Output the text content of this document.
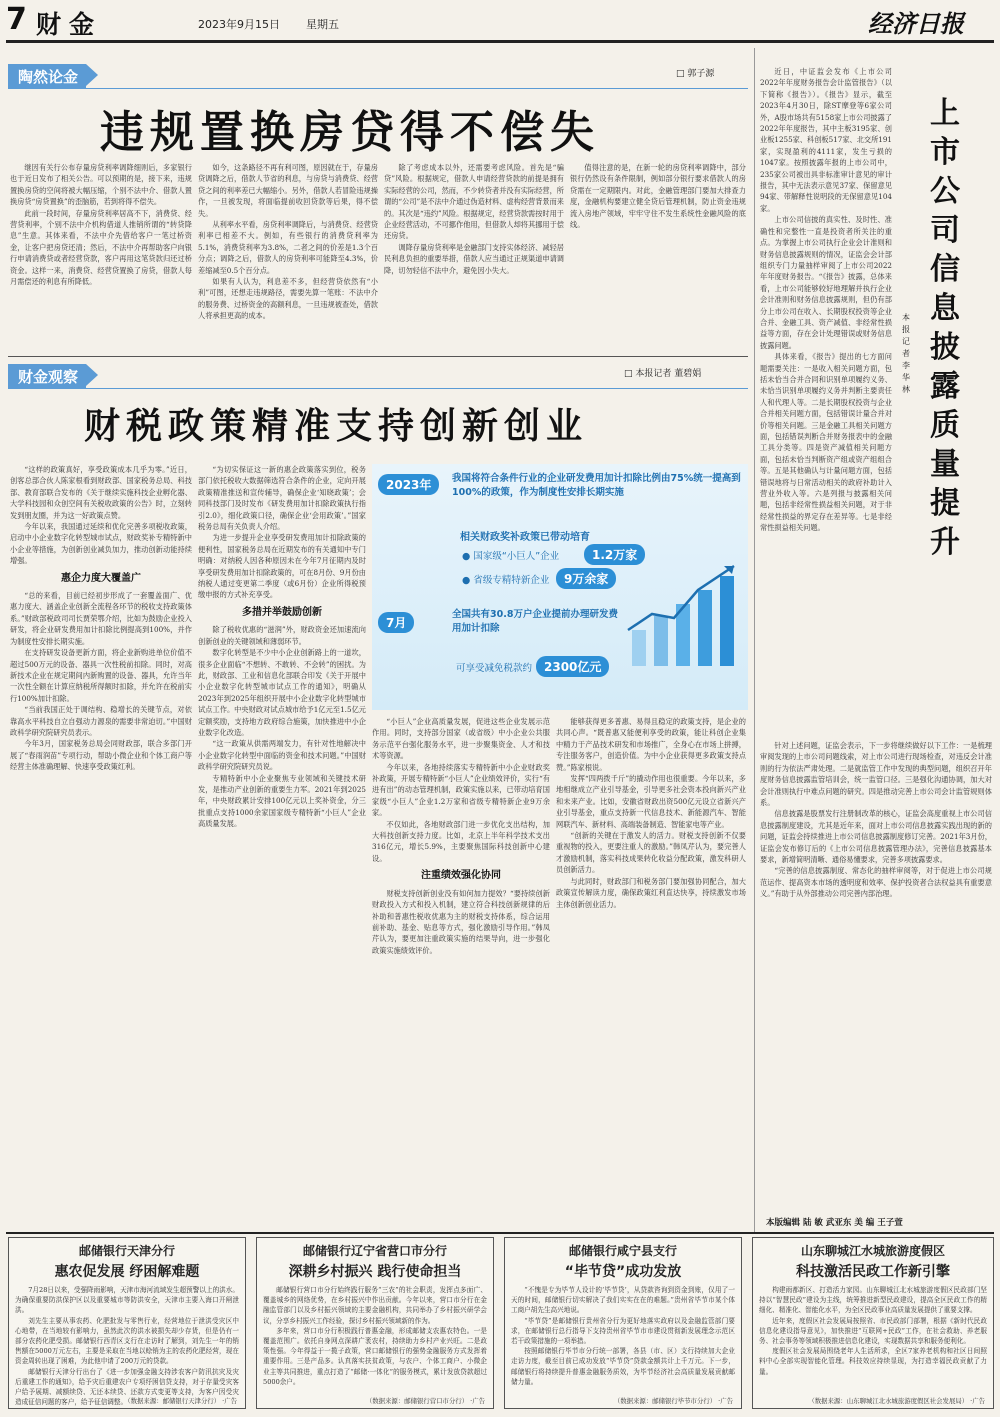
7 财金	2023年9月15日 星期五	经济日报
陶然论金	□ 郭子源
违规置换房贷得不偿失

继因有关行公布存量房贷利率调降细则后，多家银行也于近日发布了相关公告。可以预期的是，接下来，违规置换房贷的空间将被大幅压缩，个别不法中介、借款人置换房贷“房贷置换”的歪脑筋，若到将得不偿失。

此前一段时间，存量房贷利率居高不下，消费贷、经营贷利率，个别不法中介机构借道人推销所谓的“转贷降息”生意。其体来看，不法中介先借给客户一笔过桥资金，让客户把房贷还清；然后，不法中介再帮助客户向银行申请消费贷或者经营贷款，客户再用这笔贷款归还过桥资金。这样一来，消费贷、经营贷置换了房贷，借款人每月需偿还的利息有所降低。

如今，这条路径不再有利可图，原因就在于，存量房贷调降之后，借款人节省的利息，与房贷与消费贷、经营贷之间的利率差已大幅缩小。另外，借款人若冒险违规操作，一旦被发现，将面临提前收回贷款等后果，得不偿失。

从利率水平看，房贷利率调降后，与消费贷、经营贷利率已相差不大。例如，有些银行的消费贷利率为5.1%，消费贷利率为3.8%，二者之间的价差是1.3个百分点；调降之后，借款人的房贷利率可能降至4.3%，价差缩减至0.5个百分点。

如果有人认为，利息差不多，但经营贷依然有“小利”可图，还想走违规路径，需要先算一笔账：不法中介的服务费、过桥资金的高额利息，一旦违规被查处，借款人将承担更高的成本。

除了考虑成本以外，还需要考虑风险。首先是“骗贷”风险。根据规定，借款人申请经营贷款的前提是拥有实际经营的公司，然而，不少转贷者并没有实际经营，所谓的“公司”是不法中介通过伪造材料、虚构经营背景而来的。其次是“违约”风险。根据规定，经营贷款需按时用于企业经营活动，不可挪作他用，但借款人却将其挪用于偿还房贷。

调降存量房贷利率是金融部门支持实体经济、减轻居民利息负担的重要举措，借款人应当通过正规渠道申请调降，切勿轻信不法中介，避免因小失大。

值得注意的是，在新一轮的房贷利率调降中，部分银行仍然设有条件限制，例如部分银行要求借款人的房贷需在一定期限内。对此，金融管理部门要加大排查力度，金融机构要建立健全贷后管理机制，防止资金违规流入房地产领域，牢牢守住不发生系统性金融风险的底线。

财金观察	□ 本报记者 董碧娟
财税政策精准支持创新创业

“这样的政策真好，享受政策成本几乎为零。”近日，创客总部合伙人陈家根看到财政部、国家税务总局、科技部、教育部联合发布的《关于继续实施科技企业孵化器、大学科技园和众创空间有关税收政策的公告》时，立刻转发到朋友圈，并为这一好政策点赞。

今年以来，我国通过延续和优化完善多项税收政策，启动中小企业数字化转型城市试点，财政奖补专精特新中小企业等措施，为创新创业减负加力，推动创新动能持续增强。

惠企力度大覆盖广

“总的来看，目前已经初步形成了一套覆盖面广、优惠力度大、涵盖企业创新全流程各环节的税收支持政策体系。”财政部税政司司长贾荣鄂介绍，比如为鼓励企业投入研发，将企业研发费用加计扣除比例提高到100%，并作为制度性安排长期实施。

在支持研发设备更新方面，将企业新购进单位价值不超过500万元的设备、器具一次性税前扣除。同时，对高新技术企业在规定期间内新购置的设备、器具，允许当年一次性全额在计算应纳税所得额时扣除，并允许在税前实行100%加计扣除。

“当前我国正处于调结构、稳增长的关键节点，对依靠高水平科技自立自强动力源泉的需要非常迫切。”中国财政科学研究院研究员表示。

今年3月，国家税务总局会同财政部，联合多部门开展了“春雨润苗”专项行动，帮助小微企业和个体工商户等经营主体准确理解、快速享受政策红利。

“为切实保证这一新的惠企政策落实到位，税务部门依托税收大数据筛选符合条件的企业，定向开展政策精准推送和宣传辅导，确保企业‘知晓政策’；会同科技部门及时发布《研发费用加计扣除政策执行指引2.0》，细化政策口径，确保企业‘会用政策’。”国家税务总局有关负责人介绍。

为进一步提升企业享受研发费用加计扣除政策的便利性，国家税务总局在近期发布的有关通知中专门明确：对纳税人因各种原因未在今年7月征期内及时享受研发费用加计扣除政策的，可在8月份、9月份由纳税人通过变更第二季度（或6月份）企业所得税预缴申报的方式补充享受。

多措并举鼓励创新

除了税收优惠的“滋润”外，财政资金还加速流向创新创业的关键领域和薄弱环节。

数字化转型是不少中小企业创新路上的一道坎，很多企业面临“不想转、不敢转、不会转”的困扰。为此，财政部、工业和信息化部联合印发《关于开展中小企业数字化转型城市试点工作的通知》，明确从2023年到2025年组织开展中小企业数字化转型城市试点工作。中央财政对试点城市给予1亿元至1.5亿元定额奖励，支持地方政府综合施策，加快推进中小企业数字化改造。

“这一政策从供需两端发力，有针对性地解决中小企业数字化转型中面临的资金和技术问题。”中国财政科学研究院研究员说。

专精特新中小企业聚焦专业领域和关键技术研发，是推动产业创新的重要生力军。2021年到2025年，中央财政累计安排100亿元以上奖补资金，分三批重点支持1000余家国家级专精特新“小巨人”企业高质量发展。

“小巨人”企业高质量发展，促进这些企业发展示范作用。同时，支持部分国家（或省级）中小企业公共服务示范平台强化服务水平，进一步聚集资金、人才和技术等资源。

今年以来，各地持续落实专精特新中小企业财政奖补政策，开展专精特新“小巨人”企业绩效评价，实行“有进有出”的动态管理机制，政策实施以来，已带动培育国家级“小巨人”企业1.2万家和省级专精特新企业9万余家。

不仅如此，各地财政部门进一步优化支出结构，加大科技创新支持力度。比如，北京上半年科学技术支出316亿元，增长5.9%，主要聚焦国际科技创新中心建设。

注重绩效强化协同

财税支持创新创业没有如何加力提效？“要持续创新财政投入方式和投入机制，建立符合科技创新规律的后补助和普惠性税收优惠为主的财税支持体系，综合运用前补助、基金、贴息等方式，强化激励引导作用。”韩凤芹认为，要更加注重政策实施的结果导向，进一步强化政策实施绩效评价。

能够获得更多普惠、易得且稳定的政策支持，是企业的共同心声。“既普惠又能便利享受的政策，能让科创企业集中精力于产品技术研发和市场推广，全身心在市场上拼搏，专注服务客户，创造价值。为中小企业获得更多政策支持点赞。”陈家根说。

发挥“四两拨千斤”的撬动作用也很重要。今年以来，多地相继成立产业引导基金，引导更多社会资本投向新兴产业和未来产业。比如，安徽省财政出资500亿元设立省新兴产业引导基金，重点支持新一代信息技术、新能源汽车、智能网联汽车、新材料、高端装备制造、智能家电等产业。

“创新的关键在于激发人的活力。财税支持创新不仅要重视物的投入，更要注重人的激励。”韩凤芹认为，要完善人才激励机制，落实科技成果转化收益分配政策，激发科研人员创新活力。

与此同时，财政部门和税务部门要加强协同配合，加大政策宣传解读力度，确保政策红利直达快享，持续激发市场主体创新创业活力。

2023年	我国将符合条件行业的企业研发费用加计扣除比例由75%统一提高到100%的政策，作为制度性安排长期实施
相关财政奖补政策已带动培育
● 国家级“小巨人”企业	1.2万家
● 省级专精特新企业	9万余家
7月
全国共有30.8万户企业提前办理研发费用加计扣除
可享受减免税款约 2300亿元

近日，中证监会发布《上市公司2022年年度财务报告会计监管报告》（以下简称《报告》）。《报告》显示，截至2023年4月30日，除ST摩登等6家公司外，A股市场共有5158家上市公司披露了2022年年度报告，其中主板3195家、创业板1255家、科创板517家、北交所191家，实现盈利的4111家，发生亏损的1047家。按照披露年报的上市公司中，235家公司被出具非标准审计意见的审计报告，其中无法表示意见37家、保留意见94家、带解释性说明段的无保留意见104家。

上市公司信披的真实性、及时性、准确性和完整性一直是投资者所关注的重点。为掌握上市公司执行企业会计准则和财务信息披露规则的情况，证监会会计部组织专门力量抽样审阅了上市公司2022年年度财务报告。“《报告》披露，总体来看，上市公司能够较好地理解并执行企业会计准则和财务信息披露规则，但仍有部分上市公司在收入、长期股权投资等企业合并、金融工具、资产减值、非经常性损益等方面，存在会计处理错误或财务信息披露问题。

具体来看，《报告》提出的七方面问题需要关注：一是收入相关问题方面，包括未恰当合并合同和识别单项履约义务、未恰当识别单项履约义务并判断主要责任人和代理人等。二是长期股权投资与企业合并相关问题方面，包括错误计量合并对价等相关问题。三是金融工具相关问题方面，包括错误判断合并财务报表中的金融工具分类等。四是资产减值相关问题方面，包括未恰当判断资产组或资产组组合等。五是其他确认与计量问题方面，包括错误地将与日常活动相关的政府补助计入营业外收入等。六是列报与披露相关问题，包括非经常性损益相关问题，对于非经常性损益的界定存在差异等。七是非经常性损益相关问题。

本报记者 李华林
上市公司信息披露质量提升

针对上述问题，证监会表示，下一步将继续做好以下工作：一是梳理审阅发现的上市公司问题线索，对上市公司进行现场检查，对违反会计准则的行为依法严肃处理。二是就监管工作中发现的典型问题，组织召开年度财务信息披露监管培训会，统一监管口径。三是强化沟通协调，加大对会计准则执行中难点问题的研究。四是推动完善上市公司会计监管规则体系。

信息披露是股票发行注册制改革的核心，证监会高度重视上市公司信息披露制度建设，尤其是近年来，面对上市公司信息披露实践出现的新的问题，证监会持续推进上市公司信息披露制度修订完善。2021年3月份，证监会发布修订后的《上市公司信息披露管理办法》，完善信息披露基本要求，新增简明清晰、通俗易懂要求，完善多项披露要求。

“完善的信息披露制度、常态化的抽样审阅等，对于促进上市公司规范运作、提高资本市场的透明度和效率、保护投资者合法权益具有重要意义。”有助于从外部推动公司完善内部治理。

本版编辑 陆 敏 武亚东 美 编 王子萱
邮储银行天津分行
惠农促发展 纾困解难题

7月28日以来，受强降雨影响，天津市海河流域发生超预警以上的洪水。为确保重要防洪保护区以及重要城市等防洪安全，天津市主要入海口开闸泄洪。

刘先生主要从事农药、化肥批发与零售行业，经营地位于泄洪受灾区中心地带，在当地较有影响力，虽然此次的洪水被损失却少存货，但是仍有一部分农药化肥受损。邮储银行西青区支行在走访时了解到，刘先生一年的销售额在5000万元左右，主要是采取在当地以赊销为主的农药化肥经营，现在资金周转出现了困难，为此他申请了200万元的贷款。

邮储银行天津分行出台了《进一步加强金融支持涉农客户防汛抗灾及灾后重建工作的通知》，给予灾后重建农户专项纾困信贷支持，对于存量受灾客户给予展期、减额续贷、无还本续贷、还款方式变更等支持，为客户因受灾造成征信问题的客户，给予征信调整。

（数据来源：邮储银行天津分行） ·广告
邮储银行辽宁省营口市分行
深耕乡村振兴 践行使命担当

邮储银行营口市分行始终践行服务“三农”的社会职责，发挥点多面广、覆盖城乡的网络优势，在乡村振兴中作出贡献。今年以来，营口市分行在金融监管部门以及乡村振兴领域的主要金融机构，共同举办了乡村振兴研学会议，分享乡村振兴工作经验，探讨乡村振兴领域新的作为。

多年来，营口市分行积极践行普惠金融，形成邮储支农惠农特色。一是覆盖范围广。依托自身网点深耕广袤农村，持续助力乡村产业兴旺。二是政策性强。今年得益于一揽子政策，营口邮储银行的强势金融服务方式发挥着重要作用。三是产品多。认真落实扶贫政策，与农户、个体工商户、小微企业主等共同推进，重点打造了“邮储·一体化”的服务模式，累计发放贷款超过5000余户。

（数据来源：邮储银行营口市分行） ·广告
邮储银行咸宁县支行
“毕节贷”成功发放

“不愧是专为毕节人设计的‘毕节贷’，从贷款咨询到资金到账，仅用了一天的时间，邮储银行切实解决了我们实实在在的难题。”贵州省毕节市某个体工商户胡先生高兴地说。

“毕节贷”是邮储银行贵州省分行为更好地落实政府以及金融监管部门要求，在邮储银行总行指导下支持贵州省毕节市市建设贯彻新发展理念示范区若干政策措施的一项举措。

按照邮储银行毕节市分行统一部署，各县（市、区）支行持续加大企业走访力度，截至目前已成功发放“毕节贷”贷款金额共计上千万元。下一步，邮储银行将持续提升普惠金融服务质效，为毕节经济社会高质量发展贡献邮储力量。

（数据来源：邮储银行毕节市分行） ·广告
山东聊城江水城旅游度假区
科技激活民政工作新引擎

构建雨都新区、打造活力家园。山东聊城江北水城旅游度假区民政部门坚持以“智慧民政”建设为主线，统筹推进新型民政建设，提高全区民政工作的精细化、精准化、智能化水平，为全区民政事业高质量发展提供了重要支撑。

近年来，度假区社会发展局按照省、市民政部门部署，根据《新时代民政信息化建设指导意见》，加快推进“互联网+民政”工作，在社会救助、养老服务、社会事务等领域积极推进信息化建设，实现数据共享和服务便利化。

度假区社会发展局围绕老年人生活所求，全区7家养老机构和社区日间照料中心全部实现智能化管理。科技效应持续显现，为打造幸福民政贡献了力量。

（数据来源：山东聊城江北水城旅游度假区社会发展局） ·广告
